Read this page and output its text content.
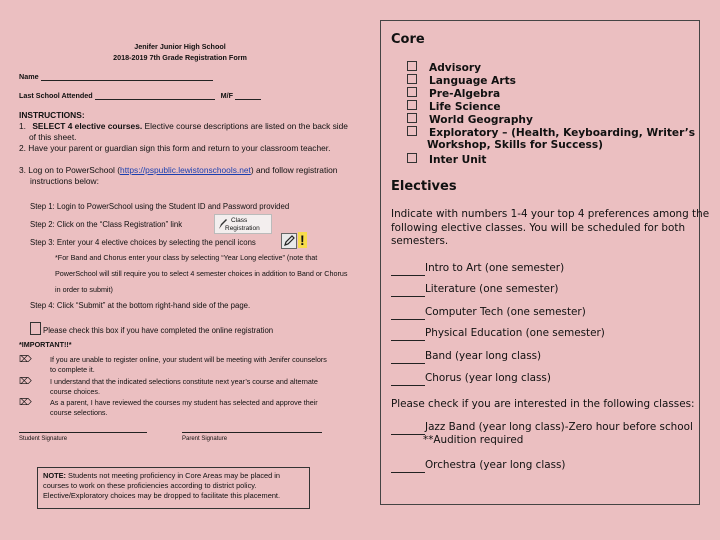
Jenifer Junior High School
2018-2019 7th Grade Registration Form
Name
Last School Attended	M/F
INSTRUCTIONS:
1. SELECT 4 elective courses. Elective course descriptions are listed on the back side
of this sheet.
2. Have your parent or guardian sign this form and return to your classroom teacher.
3. Log on to PowerSchool (https://pspublic.lewistonschools.net) and follow registration
instructions below:
Step 1: Login to PowerSchool using the Student ID and Password provided
Step 2: Click on the “Class Registration” link	Class
Registration
Step 3: Enter your 4 elective choices by selecting the pencil icons	!
*For Band and Chorus enter your class by selecting “Year Long elective” (note that
PowerSchool will still require you to select 4 semester choices in addition to Band or Chorus
in order to submit)
Step 4: Click “Submit” at the bottom right-hand side of the page.
Please check this box if you have completed the online registration
*IMPORTANT!!*
⌦	If you are unable to register online, your student will be meeting with Jenifer counselors
to complete it.
⌦	I understand that the indicated selections constitute next year’s course and alternate
course choices.
⌦	As a parent, I have reviewed the courses my student has selected and approve their
course selections.
Student Signature	Parent Signature
NOTE: Students not meeting proficiency in Core Areas may be placed in
courses to work on these proficiencies according to district policy.
Elective/Exploratory choices may be dropped to facilitate this placement.
Core
Advisory
Language Arts
Pre-Algebra
Life Science
World Geography
Exploratory – (Health, Keyboarding, Writer’s
Workshop, Skills for Success)
Inter Unit
Electives
Indicate with numbers 1-4 your top 4 preferences among the
following elective classes. You will be scheduled for both
semesters.
Intro to Art (one semester)
Literature (one semester)
Computer Tech (one semester)
Physical Education (one semester)
Band (year long class)
Chorus (year long class)
Please check if you are interested in the following classes:
Jazz Band (year long class)-Zero hour before school
**Audition required
Orchestra (year long class)
